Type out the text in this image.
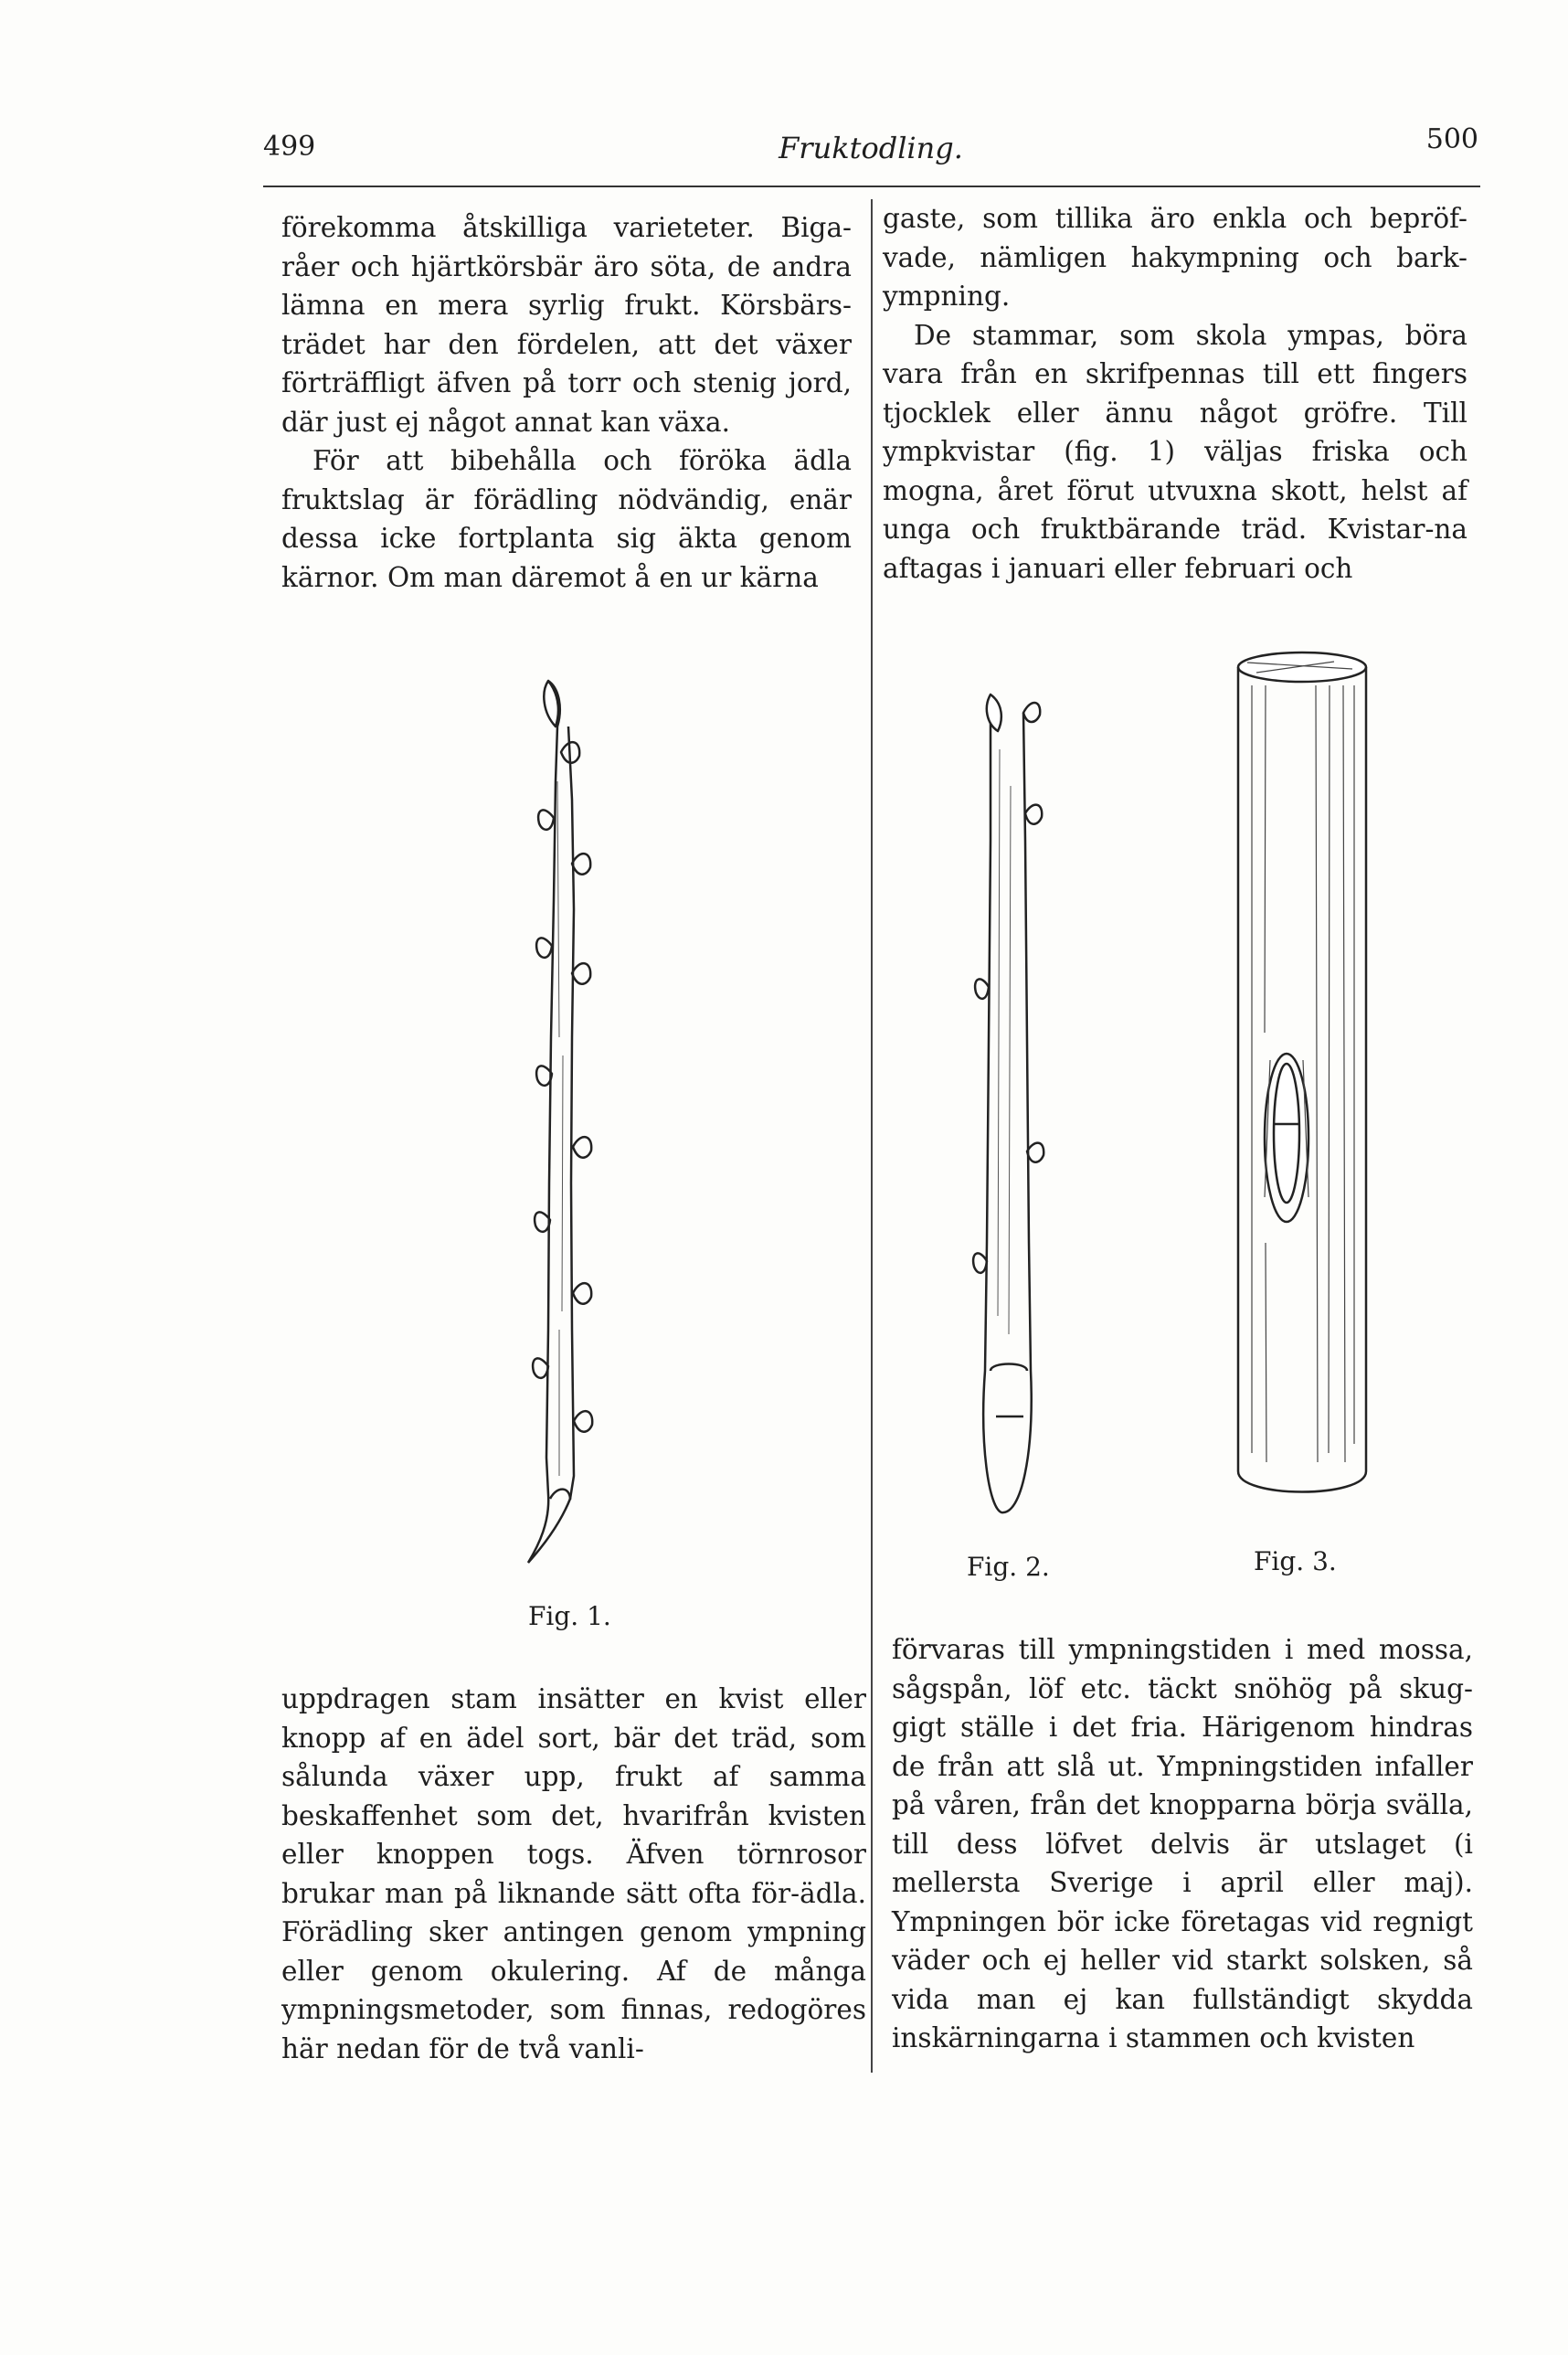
499	Fruktodling.	500

förekomma åtskilliga varieteter. Biga-råer och hjärtkörsbär äro söta, de andra lämna en mera syrlig frukt. Körsbärs-trädet har den fördelen, att det växer förträffligt äfven på torr och stenig jord, där just ej något annat kan växa.

För att bibehålla och föröka ädla fruktslag är förädling nödvändig, enär dessa icke fortplanta sig äkta genom kärnor. Om man däremot å en ur kärna

gaste, som tillika äro enkla och bepröf-vade, nämligen hakympning och bark-ympning.

De stammar, som skola ympas, böra vara från en skrifpennas till ett fingers tjocklek eller ännu något gröfre. Till ympkvistar (fig. 1) väljas friska och mogna, året förut utvuxna skott, helst af unga och fruktbärande träd. Kvistar-na aftagas i januari eller februari och

Fig. 1.
Fig. 2.	Fig. 3.

uppdragen stam insätter en kvist eller knopp af en ädel sort, bär det träd, som sålunda växer upp, frukt af samma beskaffenhet som det, hvarifrån kvisten eller knoppen togs. Äfven törnrosor brukar man på liknande sätt ofta för-ädla. Förädling sker antingen genom ympning eller genom okulering. Af de många ympningsmetoder, som finnas, redogöres här nedan för de två vanli-

förvaras till ympningstiden i med mossa, sågspån, löf etc. täckt snöhög på skug-gigt ställe i det fria. Härigenom hindras de från att slå ut. Ympningstiden infaller på våren, från det knopparna börja svälla, till dess löfvet delvis är utslaget (i mellersta Sverige i april eller maj). Ympningen bör icke företagas vid regnigt väder och ej heller vid starkt solsken, så vida man ej kan fullständigt skydda inskärningarna i stammen och kvisten
